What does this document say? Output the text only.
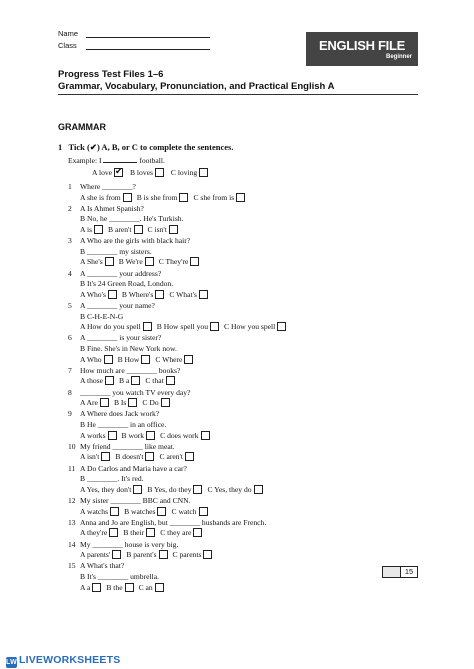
Name
Class	ENGLISH FILE
Beginner
Progress Test Files 1–6
Grammar, Vocabulary, Pronunciation, and Practical English A
GRAMMAR
1 Tick (✔) A, B, or C to complete the sentences.
Example: I	football.
A love ✔ B loves C loving
1 Where ________?
A she is from B is she from C she from is
2 A Is Ahmet Spanish?
B No, he ________. He's Turkish.
A is B aren't C isn't
3 A Who are the girls with black hair?
B ________ my sisters.
A She's B We're C They're
4 A ________ your address?
B It's 24 Green Road, London.
A Who's B Where's C What's
5 A ________ your name?
B C-H-E-N-G
A How do you spell B How spell you C How you spell
6 A ________ is your sister?
B Fine. She's in New York now.
A Who B How C Where
7 How much are ________ books?
A those B a C that
8 ________ you watch TV every day?
A Are B Is C Do
9 A Where does Jack work?
B He ________ in an office.
A works B work C does work
10 My friend ________ like meat.
A isn't B doesn't C aren't
11 A Do Carlos and Maria have a car?
B ________. It's red.
A Yes, they don't B Yes, do they C Yes, they do
12 My sister ________ BBC and CNN.
A watchs B watches C watch
13 Anna and Jo are English, but ________ husbands are French.
A they're B their C they are
14 My ________ house is very big.
A parents' B parent's C parents
15 A What's that?
B It's ________ umbrella.
A a B the C an
15
LW LIVEWORKSHEETS
